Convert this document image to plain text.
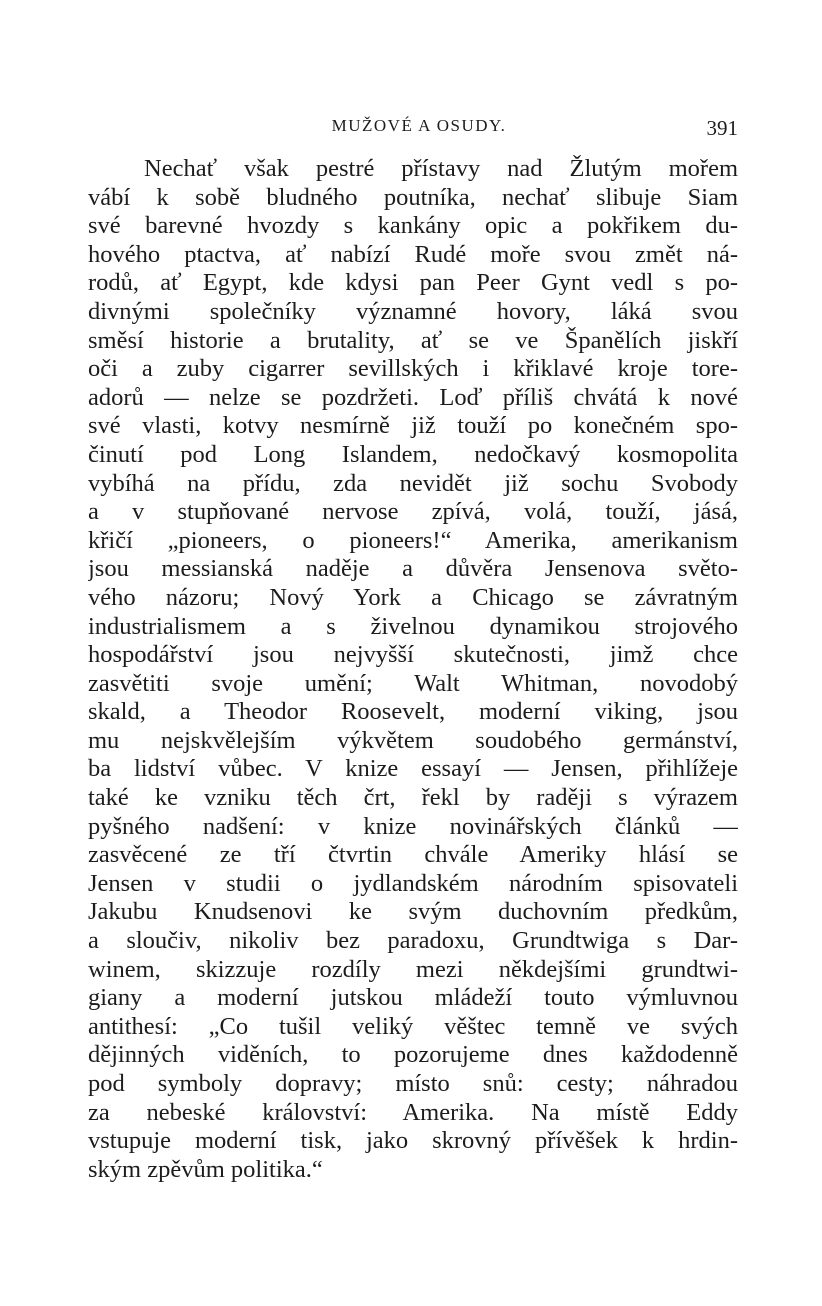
MUŽOVÉ A OSUDY.	391
Nechať však pestré přístavy nad Žlutým mořem
vábí k sobě bludného poutníka, nechať slibuje Siam
své barevné hvozdy s kankány opic a pokřikem du-
hového ptactva, ať nabízí Rudé moře svou změt ná-
rodů, ať Egypt, kde kdysi pan Peer Gynt vedl s po-
divnými společníky významné hovory, láká svou
směsí historie a brutality, ať se ve Španělích jiskří
oči a zuby cigarrer sevillských i křiklavé kroje tore-
adorů — nelze se pozdržeti. Loď příliš chvátá k nové
své vlasti, kotvy nesmírně již touží po konečném spo-
činutí pod Long Islandem, nedočkavý kosmopolita
vybíhá na přídu, zda nevidět již sochu Svobody
a v stupňované nervose zpívá, volá, touží, jásá,
křičí „pioneers, o pioneers!“ Amerika, amerikanism
jsou messianská naděje a důvěra Jensenova světo-
vého názoru; Nový York a Chicago se závratným
industrialismem a s živelnou dynamikou strojového
hospodářství jsou nejvyšší skutečnosti, jimž chce
zasvětiti svoje umění; Walt Whitman, novodobý
skald, a Theodor Roosevelt, moderní viking, jsou
mu nejskvělejším výkvětem soudobého germánství,
ba lidství vůbec. V knize essayí — Jensen, přihlížeje
také ke vzniku těch črt, řekl by raději s výrazem
pyšného nadšení: v knize novinářských článků —
zasvěcené ze tří čtvrtin chvále Ameriky hlásí se
Jensen v studii o jydlandském národním spisovateli
Jakubu Knudsenovi ke svým duchovním předkům,
a sloučiv, nikoliv bez paradoxu, Grundtwiga s Dar-
winem, skizzuje rozdíly mezi někdejšími grundtwi-
giany a moderní jutskou mládeží touto výmluvnou
antithesí: „Co tušil veliký věštec temně ve svých
dějinných viděních, to pozorujeme dnes každodenně
pod symboly dopravy; místo snů: cesty; náhradou
za nebeské království: Amerika. Na místě Eddy
vstupuje moderní tisk, jako skrovný přívěšek k hrdin-
ským zpěvům politika.“
